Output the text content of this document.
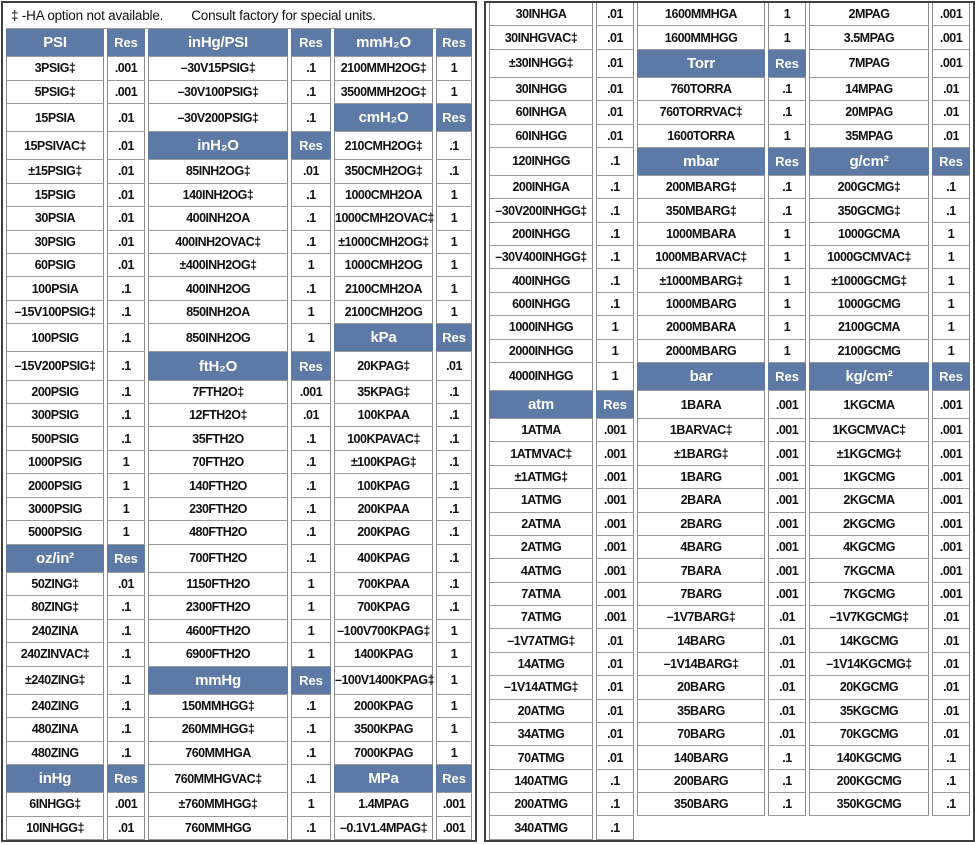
‡ -HA option not available. Consult factory for special units.					
PSI	Res	inHg/PSI	Res	mmH₂O	Res
3PSIG‡	.001	–30V15PSIG‡	.1	2100MMH2OG‡	1
5PSIG‡	.001	–30V100PSIG‡	.1	3500MMH2OG‡	1
15PSIA	.01	–30V200PSIG‡	.1	cmH₂O	Res
15PSIVAC‡	.01	inH₂O	Res	210CMH2OG‡	.1
±15PSIG‡	.01	85INH2OG‡	.01	350CMH2OG‡	.1
15PSIG	.01	140INH2OG‡	.1	1000CMH2OA	1
30PSIA	.01	400INH2OA	.1	1000CMH2OVAC‡	1
30PSIG	.01	400INH2OVAC‡	.1	±1000CMH2OG‡	1
60PSIG	.01	±400INH2OG‡	1	1000CMH2OG	1
100PSIA	.1	400INH2OG	.1	2100CMH2OA	1
–15V100PSIG‡	.1	850INH2OA	1	2100CMH2OG	1
100PSIG	.1	850INH2OG	1	kPa	Res
–15V200PSIG‡	.1	ftH₂O	Res	20KPAG‡	.01
200PSIG	.1	7FTH2O‡	.001	35KPAG‡	.1
300PSIG	.1	12FTH2O‡	.01	100KPAA	.1
500PSIG	.1	35FTH2O	.1	100KPAVAC‡	.1
1000PSIG	1	70FTH2O	.1	±100KPAG‡	.1
2000PSIG	1	140FTH2O	.1	100KPAG	.1
3000PSIG	1	230FTH2O	.1	200KPAA	.1
5000PSIG	1	480FTH2O	.1	200KPAG	.1
oz/in²	Res	700FTH2O	.1	400KPAG	.1
50ZING‡	.01	1150FTH2O	1	700KPAA	.1
80ZING‡	.1	2300FTH2O	1	700KPAG	.1
240ZINA	.1	4600FTH2O	1	–100V700KPAG‡	1
240ZINVAC‡	.1	6900FTH2O	1	1400KPAG	1
±240ZING‡	.1	mmHg	Res	–100V1400KPAG‡	1
240ZING	.1	150MMHGG‡	.1	2000KPAG	1
480ZINA	.1	260MMHGG‡	.1	3500KPAG	1
480ZING	.1	760MMHGA	.1	7000KPAG	1
inHg	Res	760MMHGVAC‡	.1	MPa	Res
6INHGG‡	.001	±760MMHGG‡	1	1.4MPAG	.001
10INHGG‡	.01	760MMHGG	.1	–0.1V1.4MPAG‡	.001
30INHGA	.01	1600MMHGA	1	2MPAG	.001
30INHGVAC‡	.01	1600MMHGG	1	3.5MPAG	.001
±30INHGG‡	.01	Torr	Res	7MPAG	.001
30INHGG	.01	760TORRA	.1	14MPAG	.01
60INHGA	.01	760TORRVAC‡	.1	20MPAG	.01
60INHGG	.01	1600TORRA	1	35MPAG	.01
120INHGG	.1	mbar	Res	g/cm²	Res
200INHGA	.1	200MBARG‡	.1	200GCMG‡	.1
–30V200INHGG‡	.1	350MBARG‡	.1	350GCMG‡	.1
200INHGG	.1	1000MBARA	1	1000GCMA	1
–30V400INHGG‡	.1	1000MBARVAC‡	1	1000GCMVAC‡	1
400INHGG	.1	±1000MBARG‡	1	±1000GCMG‡	1
600INHGG	.1	1000MBARG	1	1000GCMG	1
1000INHGG	1	2000MBARA	1	2100GCMA	1
2000INHGG	1	2000MBARG	1	2100GCMG	1
4000INHGG	1	bar	Res	kg/cm²	Res
atm	Res	1BARA	.001	1KGCMA	.001
1ATMA	.001	1BARVAC‡	.001	1KGCMVAC‡	.001
1ATMVAC‡	.001	±1BARG‡	.001	±1KGCMG‡	.001
±1ATMG‡	.001	1BARG	.001	1KGCMG	.001
1ATMG	.001	2BARA	.001	2KGCMA	.001
2ATMA	.001	2BARG	.001	2KGCMG	.001
2ATMG	.001	4BARG	.001	4KGCMG	.001
4ATMG	.001	7BARA	.001	7KGCMA	.001
7ATMA	.001	7BARG	.001	7KGCMG	.001
7ATMG	.001	–1V7BARG‡	.01	–1V7KGCMG‡	.01
–1V7ATMG‡	.01	14BARG	.01	14KGCMG	.01
14ATMG	.01	–1V14BARG‡	.01	–1V14KGCMG‡	.01
–1V14ATMG‡	.01	20BARG	.01	20KGCMG	.01
20ATMG	.01	35BARG	.01	35KGCMG	.01
34ATMG	.01	70BARG	.01	70KGCMG	.01
70ATMG	.01	140BARG	.1	140KGCMG	.1
140ATMG	.1	200BARG	.1	200KGCMG	.1
200ATMG	.1	350BARG	.1	350KGCMG	.1
340ATMG	.1				
